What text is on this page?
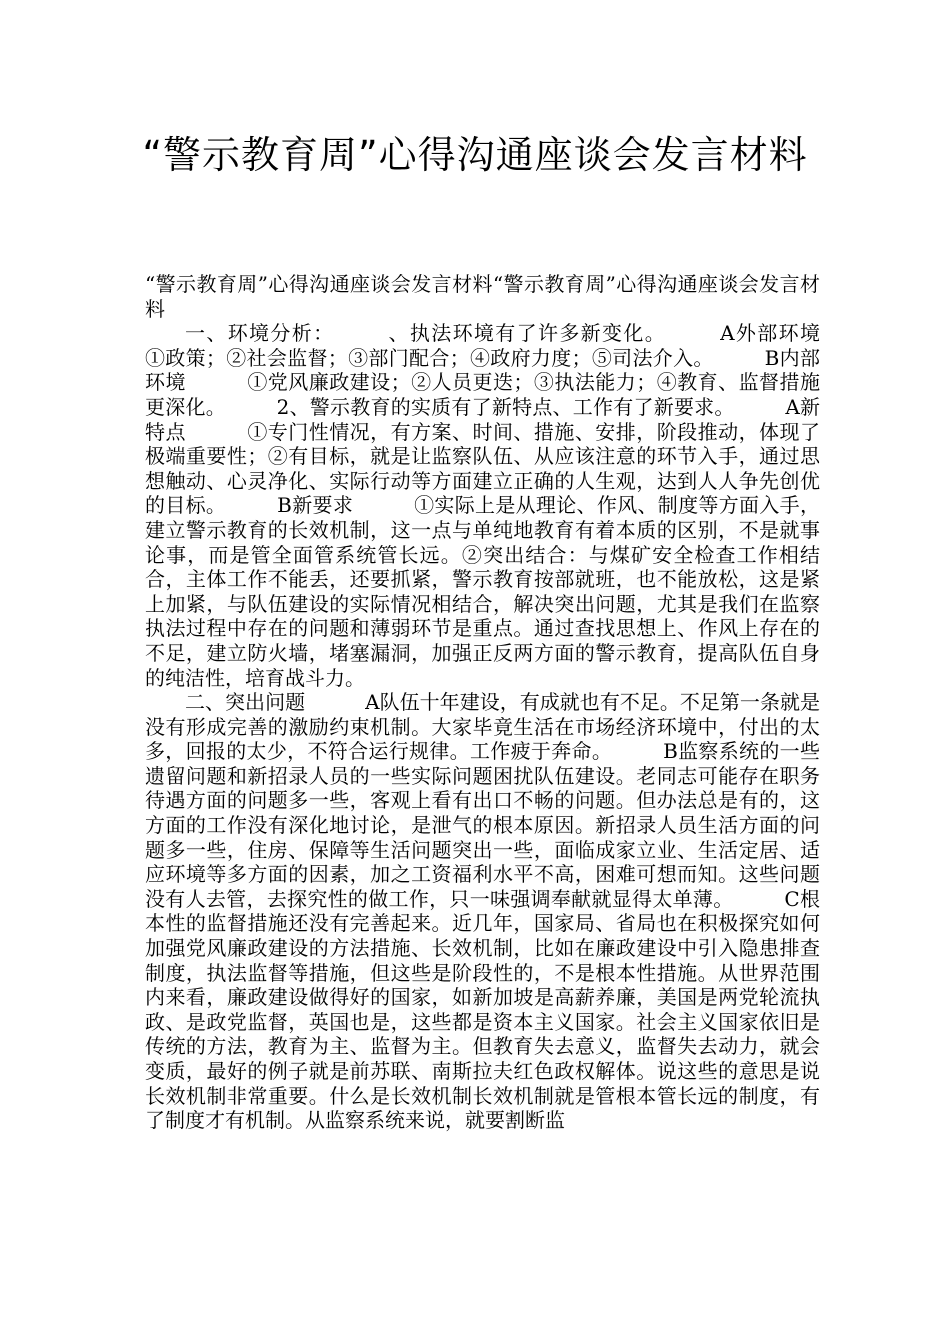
“警示教育周”心得沟通座谈会发言材料

“警示教育周”心得沟通座谈会发言材料“警示教育周”心得沟通座谈会发言材料

一、环境分析：　　　、执法环境有了许多新变化。　　　A外部环境　　　①政策；②社会监督；③部门配合；④政府力度；⑤司法介入。　　　B内部环境　　　①党风廉政建设；②人员更迭；③执法能力；④教育、监督措施更深化。　　　2、警示教育的实质有了新特点、工作有了新要求。　　　A新特点　　　①专门性情况，有方案、时间、措施、安排，阶段推动，体现了极端重要性；②有目标，就是让监察队伍、从应该注意的环节入手，通过思想触动、心灵净化、实际行动等方面建立正确的人生观，达到人人争先创优的目标。　　　B新要求　　　①实际上是从理论、作风、制度等方面入手，建立警示教育的长效机制，这一点与单纯地教育有着本质的区别，不是就事论事，而是管全面管系统管长远。②突出结合：与煤矿安全检查工作相结合，主体工作不能丢，还要抓紧，警示教育按部就班，也不能放松，这是紧上加紧，与队伍建设的实际情况相结合，解决突出问题，尤其是我们在监察执法过程中存在的问题和薄弱环节是重点。通过查找思想上、作风上存在的不足，建立防火墙，堵塞漏洞，加强正反两方面的警示教育，提高队伍自身的纯洁性，培育战斗力。

二、突出问题　　　A队伍十年建设，有成就也有不足。不足第一条就是没有形成完善的激励约束机制。大家毕竟生活在市场经济环境中，付出的太多，回报的太少，不符合运行规律。工作疲于奔命。　　　B监察系统的一些遗留问题和新招录人员的一些实际问题困扰队伍建设。老同志可能存在职务待遇方面的问题多一些，客观上看有出口不畅的问题。但办法总是有的，这方面的工作没有深化地讨论，是泄气的根本原因。新招录人员生活方面的问题多一些，住房、保障等生活问题突出一些，面临成家立业、生活定居、适应环境等多方面的因素，加之工资福利水平不高，困难可想而知。这些问题没有人去管，去探究性的做工作，只一味强调奉献就显得太单薄。　　　C根本性的监督措施还没有完善起来。近几年，国家局、省局也在积极探究如何加强党风廉政建设的方法措施、长效机制，比如在廉政建设中引入隐患排查制度，执法监督等措施，但这些是阶段性的，不是根本性措施。从世界范围内来看，廉政建设做得好的国家，如新加坡是高薪养廉，美国是两党轮流执政、是政党监督，英国也是，这些都是资本主义国家。社会主义国家依旧是传统的方法，教育为主、监督为主。但教育失去意义，监督失去动力，就会变质，最好的例子就是前苏联、南斯拉夫红色政权解体。说这些的意思是说长效机制非常重要。什么是长效机制长效机制就是管根本管长远的制度，有了制度才有机制。从监察系统来说，就要割断监
